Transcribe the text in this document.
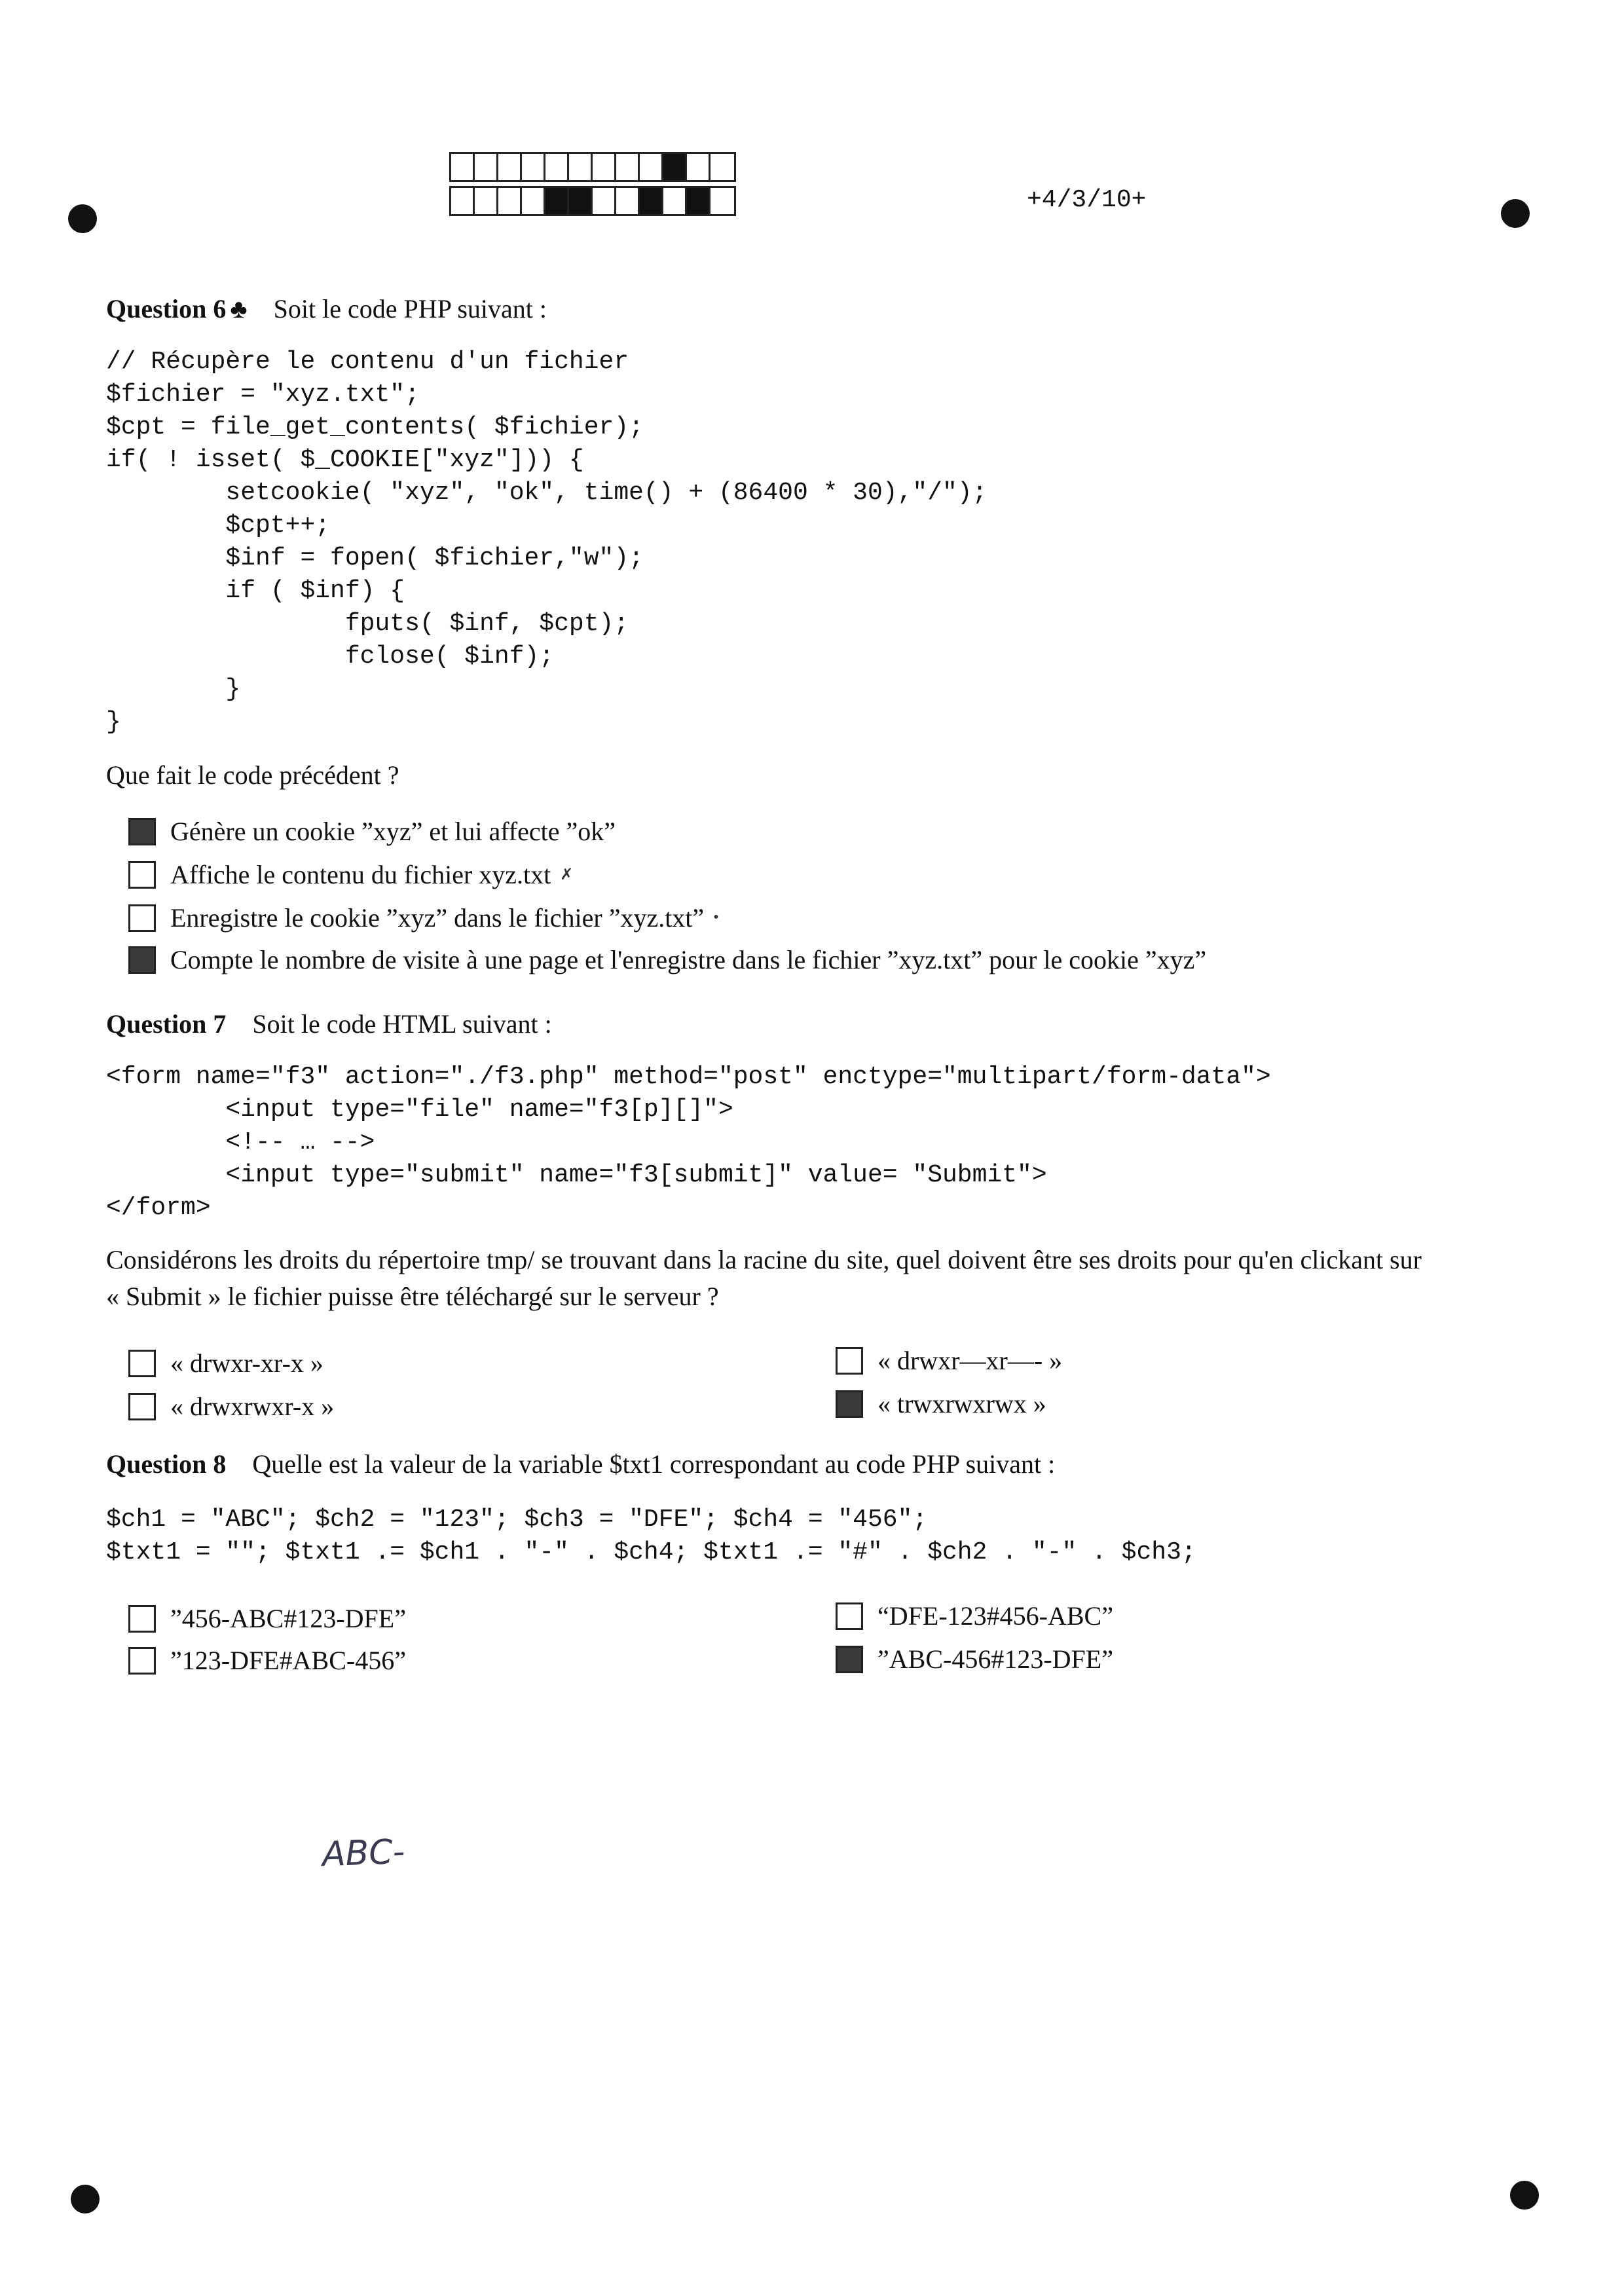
+4/3/10+
Question 6 ♣ Soit le code PHP suivant :
// Récupère le contenu d'un fichier
$fichier = "xyz.txt";
$cpt = file_get_contents( $fichier);
if( ! isset( $_COOKIE["xyz"])) {
setcookie( "xyz", "ok", time() + (86400 * 30),"/");
$cpt++;
$inf = fopen( $fichier,"w");
if ( $inf) {
fputs( $inf, $cpt);
fclose( $inf);
}
}
Que fait le code précédent ?
Génère un cookie ”xyz” et lui affecte ”ok”
Affiche le contenu du fichier xyz.txt ✗
Enregistre le cookie ”xyz” dans le fichier ”xyz.txt” •
Compte le nombre de visite à une page et l'enregistre dans le fichier ”xyz.txt” pour le cookie ”xyz”
Question 7 Soit le code HTML suivant :
<form name="f3" action="./f3.php" method="post" enctype="multipart/form-data">
<input type="file" name="f3[p][]">
<!-- … -->
<input type="submit" name="f3[submit]" value= "Submit">
</form>
Considérons les droits du répertoire tmp/ se trouvant dans la racine du site, quel doivent être ses droits pour qu'en clickant sur
« Submit » le fichier puisse être téléchargé sur le serveur ?
« drwxr-xr-x »	« drwxr—xr—- »
« drwxrwxr-x »	« trwxrwxrwx »
Question 8 Quelle est la valeur de la variable $txt1 correspondant au code PHP suivant :
$ch1 = "ABC"; $ch2 = "123"; $ch3 = "DFE"; $ch4 = "456";
$txt1 = ""; $txt1 .= $ch1 . "-" . $ch4; $txt1 .= "#" . $ch2 . "-" . $ch3;
”456-ABC#123-DFE”	“DFE-123#456-ABC”
”123-DFE#ABC-456”	”ABC-456#123-DFE”
ABC-
